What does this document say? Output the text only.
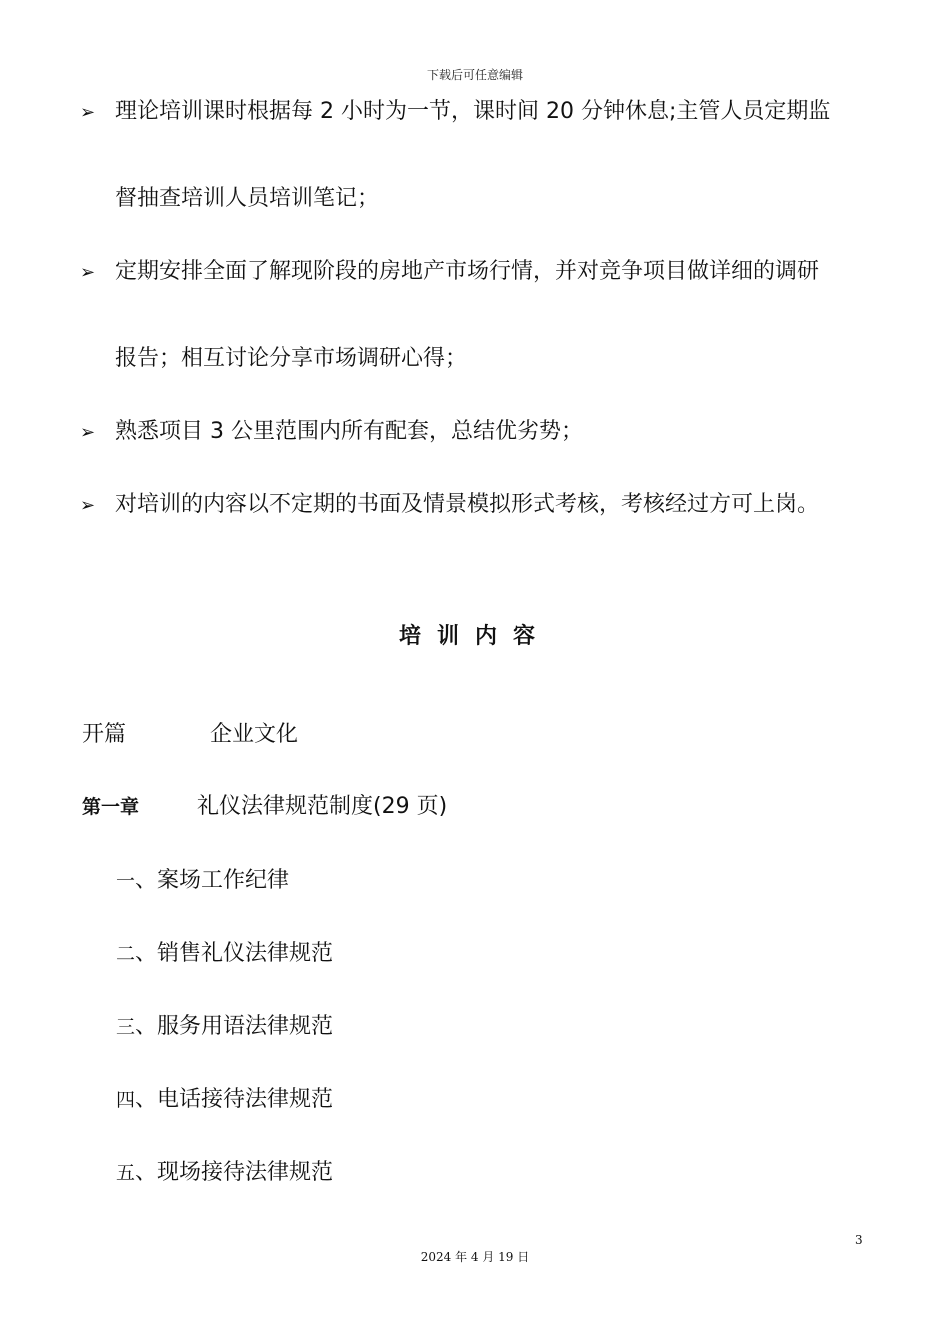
下载后可任意编辑
➢ 理论培训课时根据每 2 小时为一节，课时间 20 分钟休息;主管人员定期监
督抽查培训人员培训笔记；
➢ 定期安排全面了解现阶段的房地产市场行情，并对竞争项目做详细的调研
报告；相互讨论分享市场调研心得；
➢ 熟悉项目 3 公里范围内所有配套，总结优劣势；
➢ 对培训的内容以不定期的书面及情景模拟形式考核，考核经过方可上岗。
培训内容
开篇	企业文化
第一章	礼仪法律规范制度(29 页)
一、案场工作纪律
二、销售礼仪法律规范
三、服务用语法律规范
四、电话接待法律规范
五、现场接待法律规范
3
2024 年 4 月 19 日
